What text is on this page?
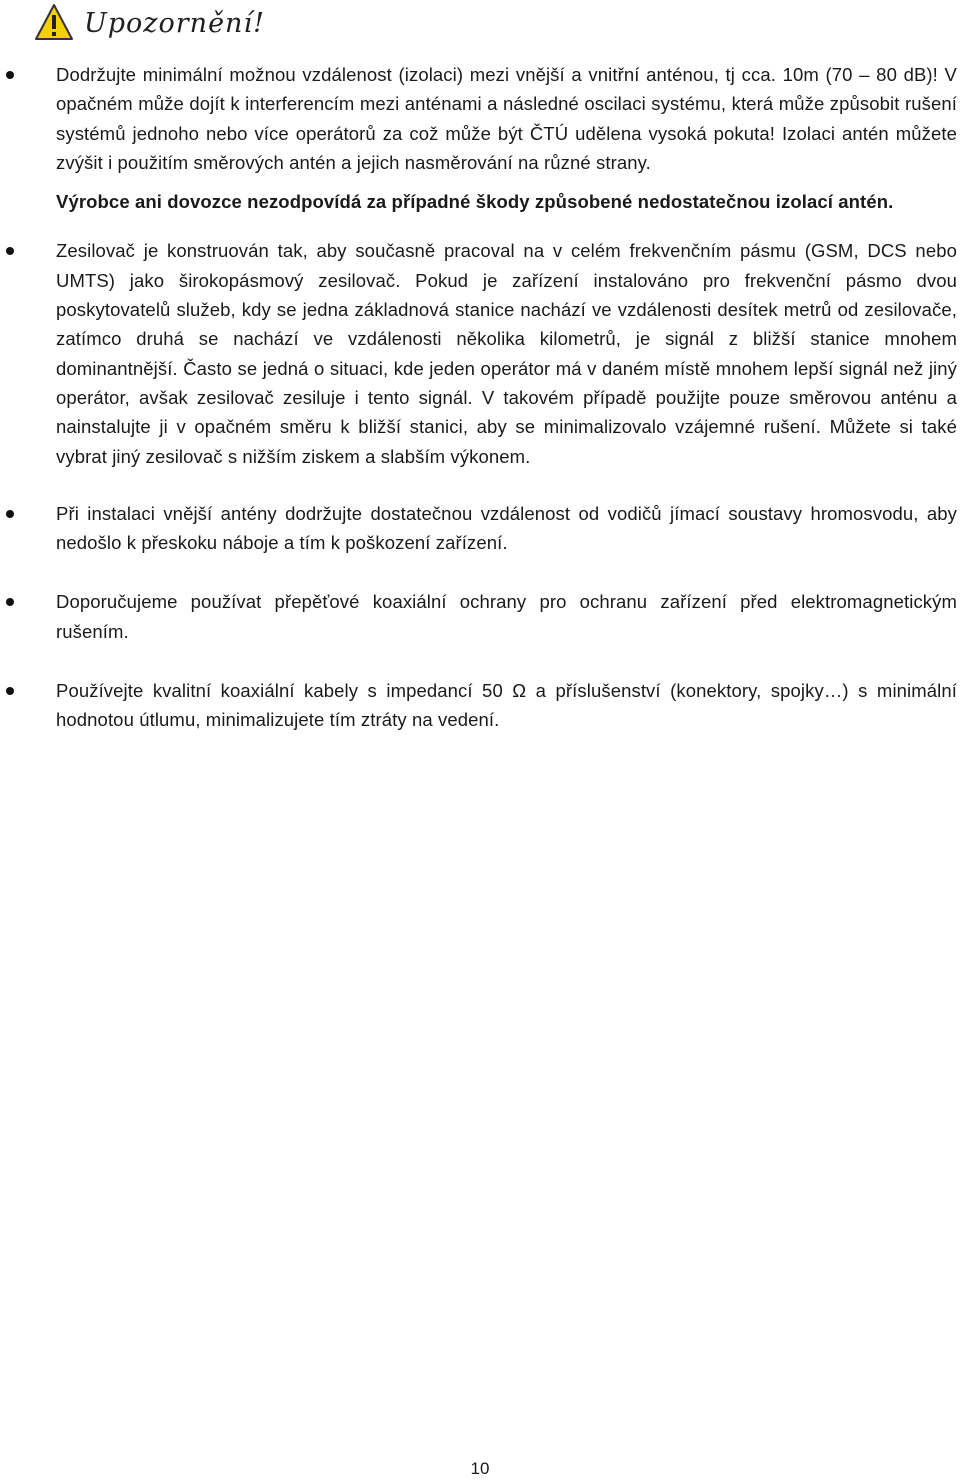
Upozornění!

Dodržujte minimální možnou vzdálenost (izolaci) mezi vnější a vnitřní anténou, tj cca. 10m (70 – 80 dB)! V opačném může dojít k interferencím mezi anténami a následné oscilaci systému, která může způsobit rušení systémů jednoho nebo více operátorů za což může být ČTÚ udělena vysoká pokuta! Izolaci antén můžete zvýšit i použitím směrových antén a jejich nasměrování na různé strany.

Výrobce ani dovozce nezodpovídá za případné škody způsobené nedostatečnou izolací antén.

Zesilovač je konstruován tak, aby současně pracoval na v celém frekvenčním pásmu (GSM, DCS nebo UMTS) jako širokopásmový zesilovač. Pokud je zařízení instalováno pro frekvenční pásmo dvou poskytovatelů služeb, kdy se jedna základnová stanice nachází ve vzdálenosti desítek metrů od zesilovače, zatímco druhá se nachází ve vzdálenosti několika kilometrů, je signál z bližší stanice mnohem dominantnější. Často se jedná o situaci, kde jeden operátor má v daném místě mnohem lepší signál než jiný operátor, avšak zesilovač zesiluje i tento signál. V takovém případě použijte pouze směrovou anténu a nainstalujte ji v opačném směru k bližší stanici, aby se minimalizovalo vzájemné rušení. Můžete si také vybrat jiný zesilovač s nižším ziskem a slabším výkonem.

Při instalaci vnější antény dodržujte dostatečnou vzdálenost od vodičů jímací soustavy hromosvodu, aby nedošlo k přeskoku náboje a tím k poškození zařízení.

Doporučujeme používat přepěťové koaxiální ochrany pro ochranu zařízení před elektromagnetickým rušením.

Používejte kvalitní koaxiální kabely s impedancí 50 Ω a příslušenství (konektory, spojky…) s minimální hodnotou útlumu, minimalizujete tím ztráty na vedení.

10
